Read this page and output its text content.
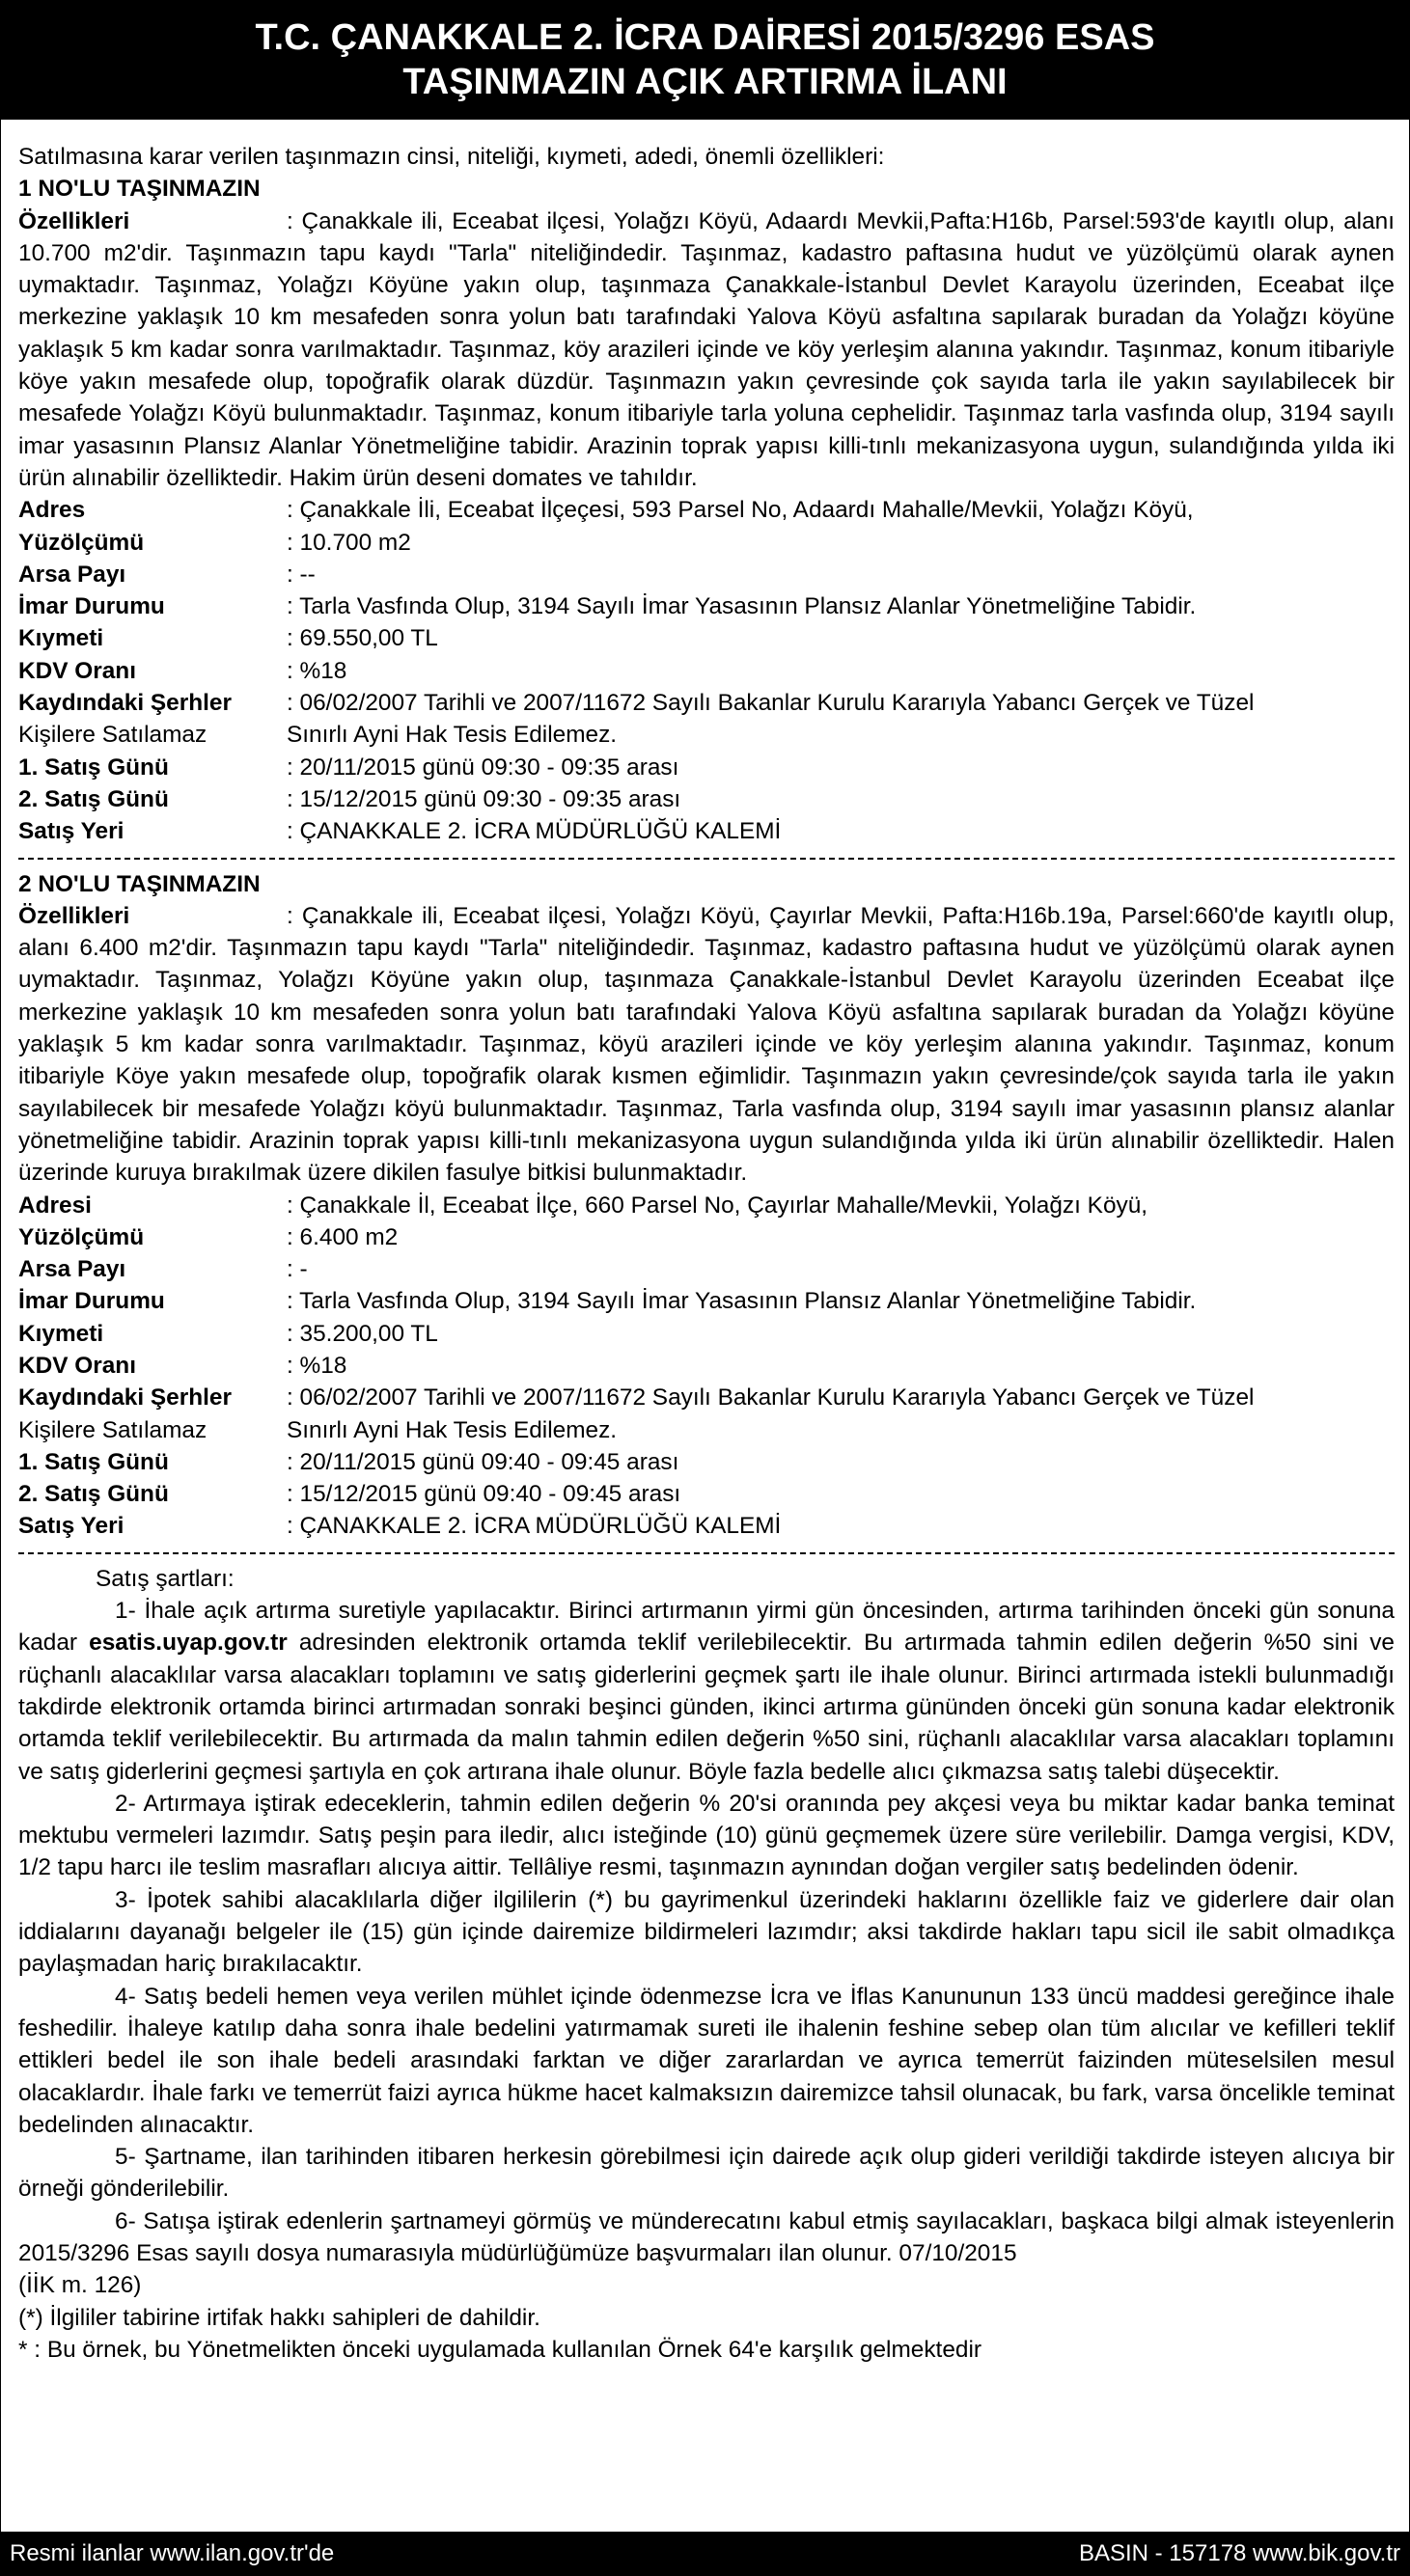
T.C. ÇANAKKALE 2. İCRA DAİRESİ 2015/3296 ESAS
TAŞINMAZIN AÇIK ARTIRMA İLANI
Satılmasına karar verilen taşınmazın cinsi, niteliği, kıymeti, adedi, önemli özellikleri:
1 NO'LU TAŞINMAZIN
Özellikleri	: Çanakkale ili, Eceabat ilçesi, Yolağzı Köyü, Adaardı Mevkii,Pafta:H16b, Parsel:593'de kayıtlı olup, alanı 10.700 m2'dir. Taşınmazın tapu kaydı "Tarla" niteliğindedir. Taşınmaz, kadastro paftasına hudut ve yüzölçümü olarak aynen uymaktadır. Taşınmaz, Yolağzı Köyüne yakın olup, taşınmaza Çanakkale-İstanbul Devlet Karayolu üzerinden, Eceabat ilçe merkezine yaklaşık 10 km mesafeden sonra yolun batı tarafındaki Yalova Köyü asfaltına sapılarak buradan da Yolağzı köyüne yaklaşık 5 km kadar sonra varılmaktadır. Taşınmaz, köy arazileri içinde ve köy yerleşim alanına yakındır. Taşınmaz, konum itibariyle köye yakın mesafede olup, topoğrafik olarak düzdür. Taşınmazın yakın çevresinde çok sayıda tarla ile yakın sayılabilecek bir mesafede Yolağzı Köyü bulunmaktadır. Taşınmaz, konum itibariyle tarla yoluna cephelidir. Taşınmaz tarla vasfında olup, 3194 sayılı imar yasasının Plansız Alanlar Yönetmeliğine tabidir. Arazinin toprak yapısı killi-tınlı mekanizasyona uygun, sulandığında yılda iki ürün alınabilir özelliktedir. Hakim ürün deseni domates ve tahıldır.
Adres	: Çanakkale İli, Eceabat İlçeçesi, 593 Parsel No, Adaardı Mahalle/Mevkii, Yolağzı Köyü,
Yüzölçümü	: 10.700 m2
Arsa Payı	: --
İmar Durumu	: Tarla Vasfında Olup, 3194 Sayılı İmar Yasasının Plansız Alanlar Yönetmeliğine Tabidir.
Kıymeti	: 69.550,00 TL
KDV Oranı	: %18
Kaydındaki Şerhler	: 06/02/2007 Tarihli ve 2007/11672 Sayılı Bakanlar Kurulu Kararıyla Yabancı Gerçek ve Tüzel
Kişilere Satılamaz	Sınırlı Ayni Hak Tesis Edilemez.
1. Satış Günü	: 20/11/2015 günü 09:30 - 09:35 arası
2. Satış Günü	: 15/12/2015 günü 09:30 - 09:35 arası
Satış Yeri	: ÇANAKKALE 2. İCRA MÜDÜRLÜĞÜ KALEMİ
2 NO'LU TAŞINMAZIN
Özellikleri	: Çanakkale ili, Eceabat ilçesi, Yolağzı Köyü, Çayırlar Mevkii, Pafta:H16b.19a, Parsel:660'de kayıtlı olup, alanı 6.400 m2'dir. Taşınmazın tapu kaydı "Tarla" niteliğindedir. Taşınmaz, kadastro paftasına hudut ve yüzölçümü olarak aynen uymaktadır. Taşınmaz, Yolağzı Köyüne yakın olup, taşınmaza Çanakkale-İstanbul Devlet Karayolu üzerinden Eceabat ilçe merkezine yaklaşık 10 km mesafeden sonra yolun batı tarafındaki Yalova Köyü asfaltına sapılarak buradan da Yolağzı köyüne yaklaşık 5 km kadar sonra varılmaktadır. Taşınmaz, köyü arazileri içinde ve köy yerleşim alanına yakındır. Taşınmaz, konum itibariyle Köye yakın mesafede olup, topoğrafik olarak kısmen eğimlidir. Taşınmazın yakın çevresinde/çok sayıda tarla ile yakın sayılabilecek bir mesafede Yolağzı köyü bulunmaktadır. Taşınmaz, Tarla vasfında olup, 3194 sayılı imar yasasının plansız alanlar yönetmeliğine tabidir. Arazinin toprak yapısı killi-tınlı mekanizasyona uygun sulandığında yılda iki ürün alınabilir özelliktedir. Halen üzerinde kuruya bırakılmak üzere dikilen fasulye bitkisi bulunmaktadır.
Adresi	: Çanakkale İl, Eceabat İlçe, 660 Parsel No, Çayırlar Mahalle/Mevkii, Yolağzı Köyü,
Yüzölçümü	: 6.400 m2
Arsa Payı	: -
İmar Durumu	: Tarla Vasfında Olup, 3194 Sayılı İmar Yasasının Plansız Alanlar Yönetmeliğine Tabidir.
Kıymeti	: 35.200,00 TL
KDV Oranı	: %18
Kaydındaki Şerhler	: 06/02/2007 Tarihli ve 2007/11672 Sayılı Bakanlar Kurulu Kararıyla Yabancı Gerçek ve Tüzel
Kişilere Satılamaz	Sınırlı Ayni Hak Tesis Edilemez.
1. Satış Günü	: 20/11/2015 günü 09:40 - 09:45 arası
2. Satış Günü	: 15/12/2015 günü 09:40 - 09:45 arası
Satış Yeri	: ÇANAKKALE 2. İCRA MÜDÜRLÜĞÜ KALEMİ
Satış şartları:
1- İhale açık artırma suretiyle yapılacaktır. Birinci artırmanın yirmi gün öncesinden, artırma tarihinden önceki gün sonuna kadar esatis.uyap.gov.tr adresinden elektronik ortamda teklif verilebilecektir. Bu artırmada tahmin edilen değerin %50 sini ve rüçhanlı alacaklılar varsa alacakları toplamını ve satış giderlerini geçmek şartı ile ihale olunur. Birinci artırmada istekli bulunmadığı takdirde elektronik ortamda birinci artırmadan sonraki beşinci günden, ikinci artırma gününden önceki gün sonuna kadar elektronik ortamda teklif verilebilecektir. Bu artırmada da malın tahmin edilen değerin %50 sini, rüçhanlı alacaklılar varsa alacakları toplamını ve satış giderlerini geçmesi şartıyla en çok artırana ihale olunur. Böyle fazla bedelle alıcı çıkmazsa satış talebi düşecektir.
2- Artırmaya iştirak edeceklerin, tahmin edilen değerin % 20'si oranında pey akçesi veya bu miktar kadar banka teminat mektubu vermeleri lazımdır. Satış peşin para iledir, alıcı isteğinde (10) günü geçmemek üzere süre verilebilir. Damga vergisi, KDV, 1/2 tapu harcı ile teslim masrafları alıcıya aittir. Tellâliye resmi, taşınmazın aynından doğan vergiler satış bedelinden ödenir.
3- İpotek sahibi alacaklılarla diğer ilgililerin (*) bu gayrimenkul üzerindeki haklarını özellikle faiz ve giderlere dair olan iddialarını dayanağı belgeler ile (15) gün içinde dairemize bildirmeleri lazımdır; aksi takdirde hakları tapu sicil ile sabit olmadıkça paylaşmadan hariç bırakılacaktır.
4- Satış bedeli hemen veya verilen mühlet içinde ödenmezse İcra ve İflas Kanununun 133 üncü maddesi gereğince ihale feshedilir. İhaleye katılıp daha sonra ihale bedelini yatırmamak sureti ile ihalenin feshine sebep olan tüm alıcılar ve kefilleri teklif ettikleri bedel ile son ihale bedeli arasındaki farktan ve diğer zararlardan ve ayrıca temerrüt faizinden müteselsilen mesul olacaklardır. İhale farkı ve temerrüt faizi ayrıca hükme hacet kalmaksızın dairemizce tahsil olunacak, bu fark, varsa öncelikle teminat bedelinden alınacaktır.
5- Şartname, ilan tarihinden itibaren herkesin görebilmesi için dairede açık olup gideri verildiği takdirde isteyen alıcıya bir örneği gönderilebilir.
6- Satışa iştirak edenlerin şartnameyi görmüş ve münderecatını kabul etmiş sayılacakları, başkaca bilgi almak isteyenlerin 2015/3296 Esas sayılı dosya numarasıyla müdürlüğümüze başvurmaları ilan olunur. 07/10/2015
(İİK m. 126)
(*) İlgililer tabirine irtifak hakkı sahipleri de dahildir.
* : Bu örnek, bu Yönetmelikten önceki uygulamada kullanılan Örnek 64'e karşılık gelmektedir
Resmi ilanlar www.ilan.gov.tr'de	BASIN - 157178 www.bik.gov.tr
